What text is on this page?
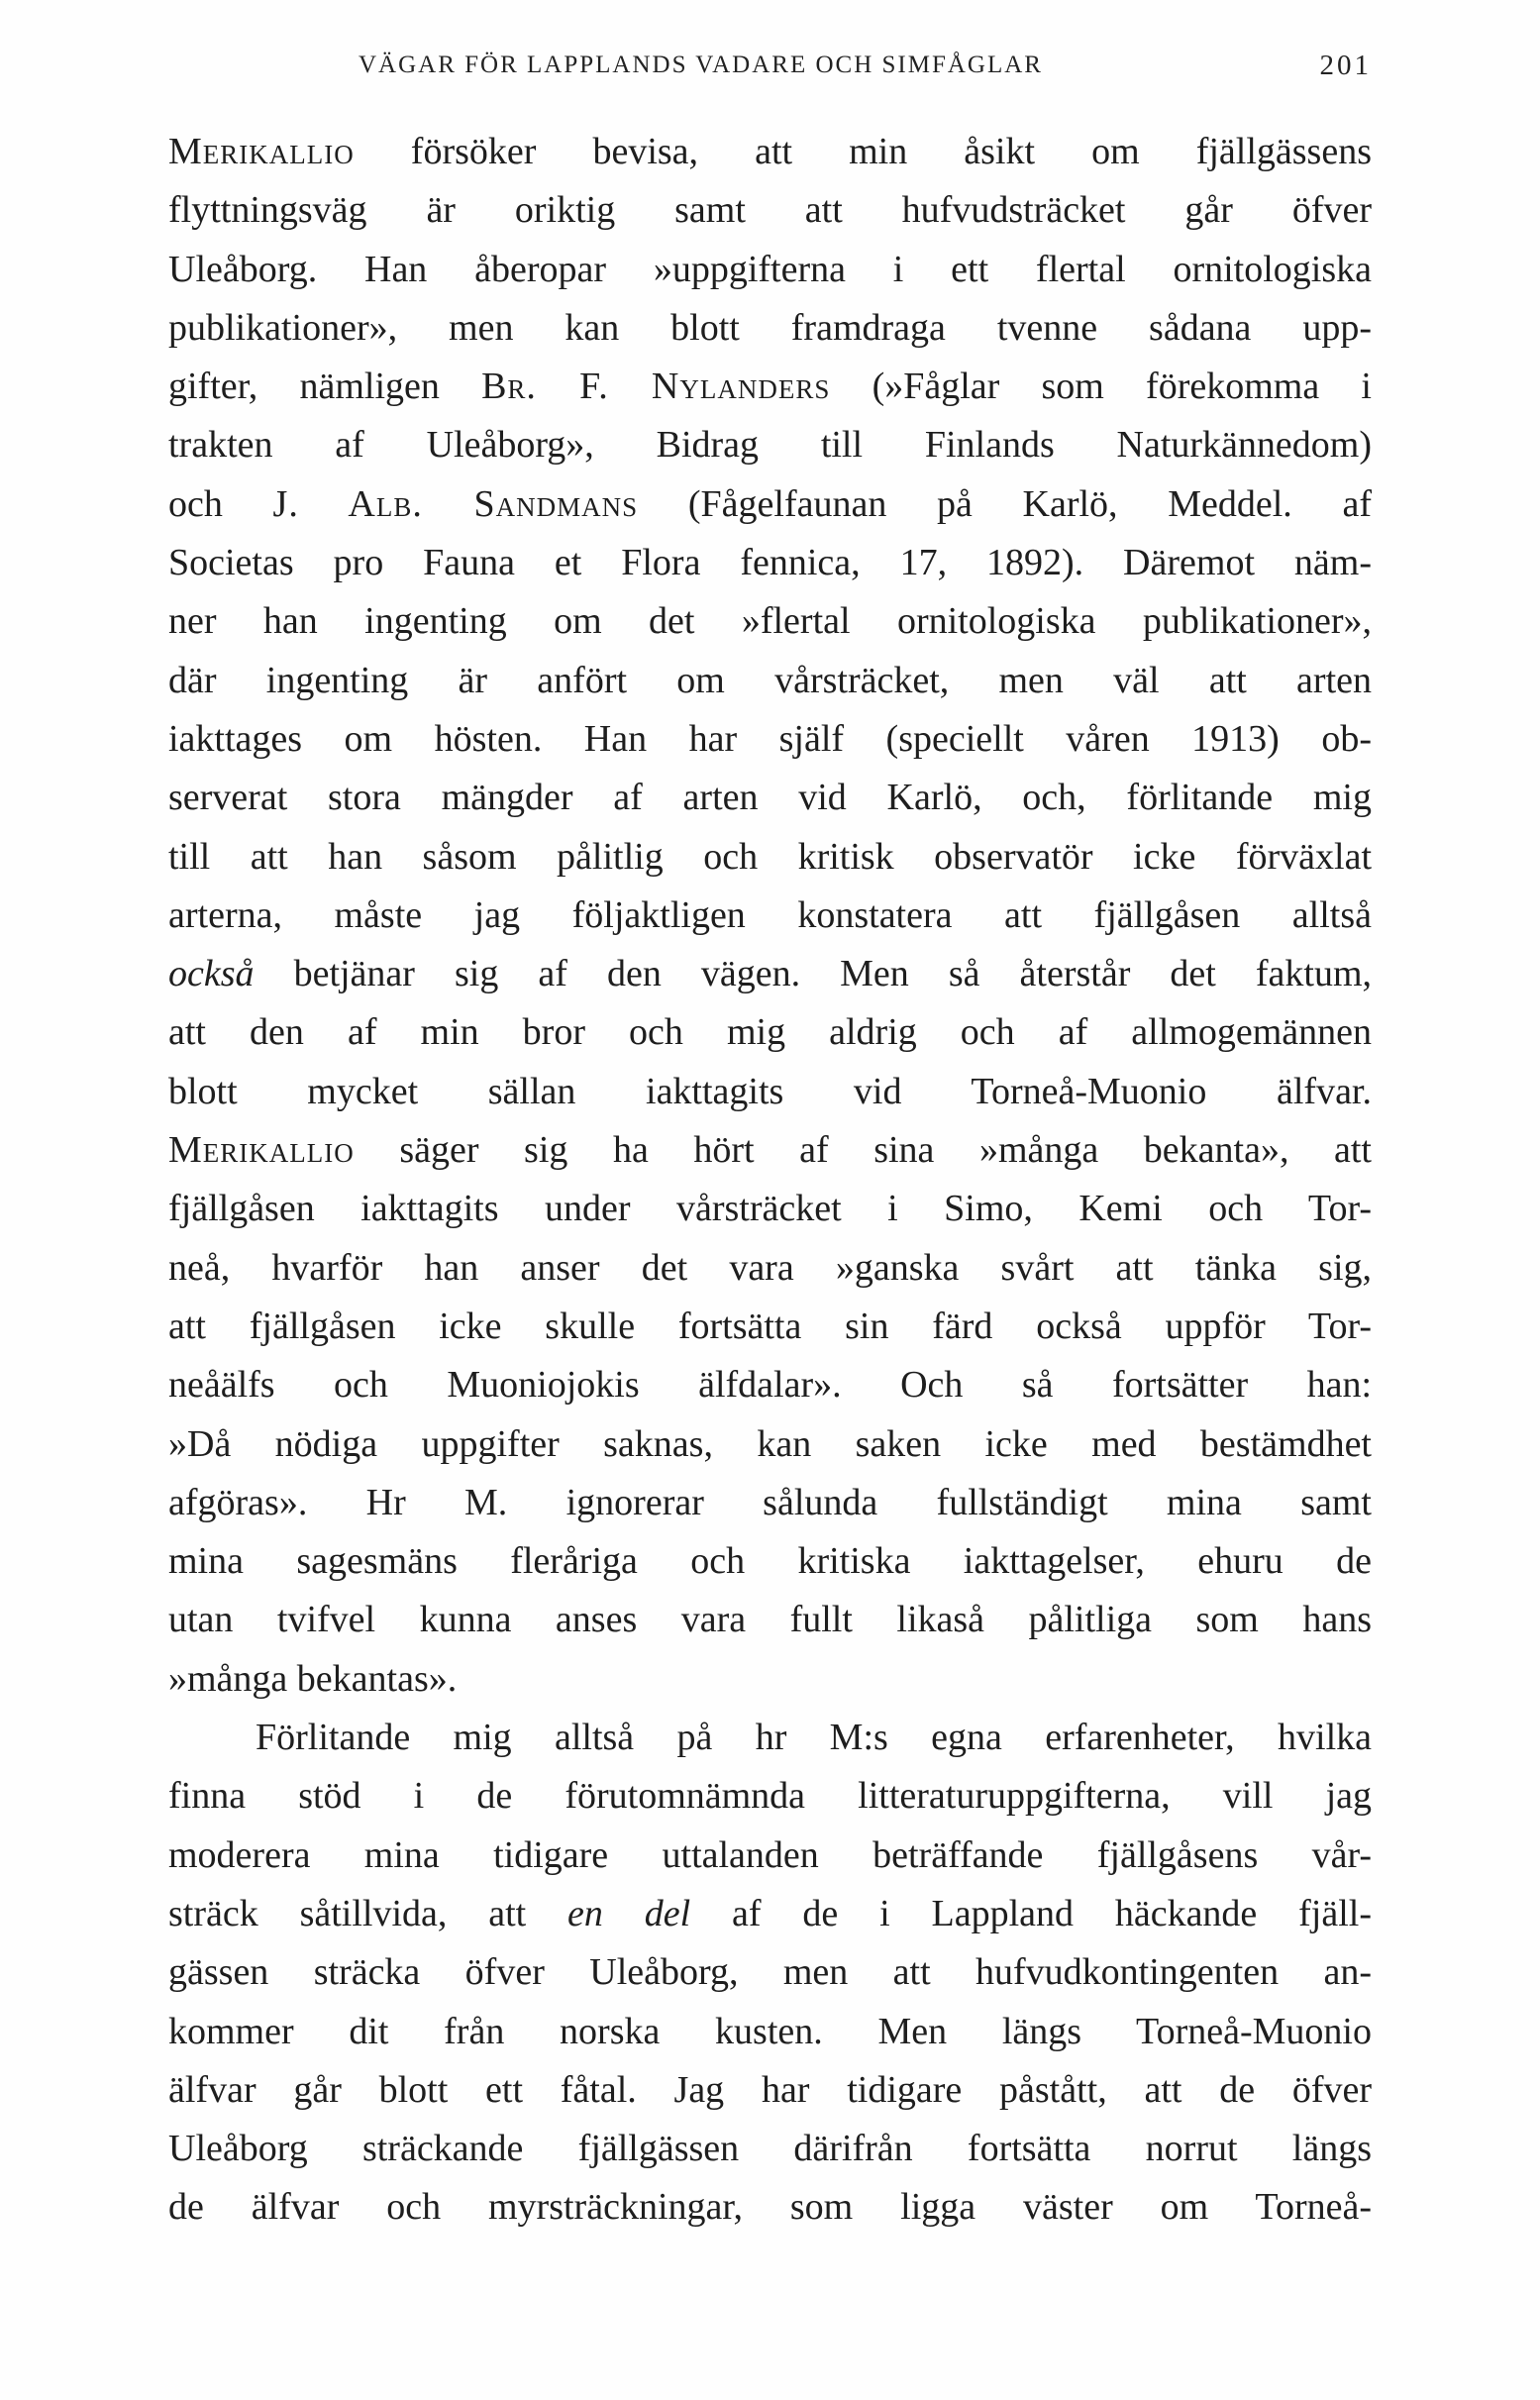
VÄGAR FÖR LAPPLANDS VADARE OCH SIMFÅGLAR	201
Merikallio försöker bevisa, att min åsikt om fjällgässens
flyttningsväg är oriktig samt att hufvudsträcket går öfver
Uleåborg. Han åberopar »uppgifterna i ett flertal ornitologiska
publikationer», men kan blott framdraga tvenne sådana upp-
gifter, nämligen Br. F. Nylanders (»Fåglar som förekomma i
trakten af Uleåborg», Bidrag till Finlands Naturkännedom)
och J. Alb. Sandmans (Fågelfaunan på Karlö, Meddel. af
Societas pro Fauna et Flora fennica, 17, 1892). Däremot näm-
ner han ingenting om det »flertal ornitologiska publikationer»,
där ingenting är anfört om vårsträcket, men väl att arten
iakttages om hösten. Han har själf (speciellt våren 1913) ob-
serverat stora mängder af arten vid Karlö, och, förlitande mig
till att han såsom pålitlig och kritisk observatör icke förväxlat
arterna, måste jag följaktligen konstatera att fjällgåsen alltså
också betjänar sig af den vägen. Men så återstår det faktum,
att den af min bror och mig aldrig och af allmogemännen
blott mycket sällan iakttagits vid Torneå-Muonio älfvar.
Merikallio säger sig ha hört af sina »många bekanta», att
fjällgåsen iakttagits under vårsträcket i Simo, Kemi och Tor-
neå, hvarför han anser det vara »ganska svårt att tänka sig,
att fjällgåsen icke skulle fortsätta sin färd också uppför Tor-
neåälfs och Muoniojokis älfdalar». Och så fortsätter han:
»Då nödiga uppgifter saknas, kan saken icke med bestämdhet
afgöras». Hr M. ignorerar sålunda fullständigt mina samt
mina sagesmäns fleråriga och kritiska iakttagelser, ehuru de
utan tvifvel kunna anses vara fullt likaså pålitliga som hans
»många bekantas».
Förlitande mig alltså på hr M:s egna erfarenheter, hvilka
finna stöd i de förutomnämnda litteraturuppgifterna, vill jag
moderera mina tidigare uttalanden beträffande fjällgåsens vår-
sträck såtillvida, att en del af de i Lappland häckande fjäll-
gässen sträcka öfver Uleåborg, men att hufvudkontingenten an-
kommer dit från norska kusten. Men längs Torneå-Muonio
älfvar går blott ett fåtal. Jag har tidigare påstått, att de öfver
Uleåborg sträckande fjällgässen därifrån fortsätta norrut längs
de älfvar och myrsträckningar, som ligga väster om Torneå-
